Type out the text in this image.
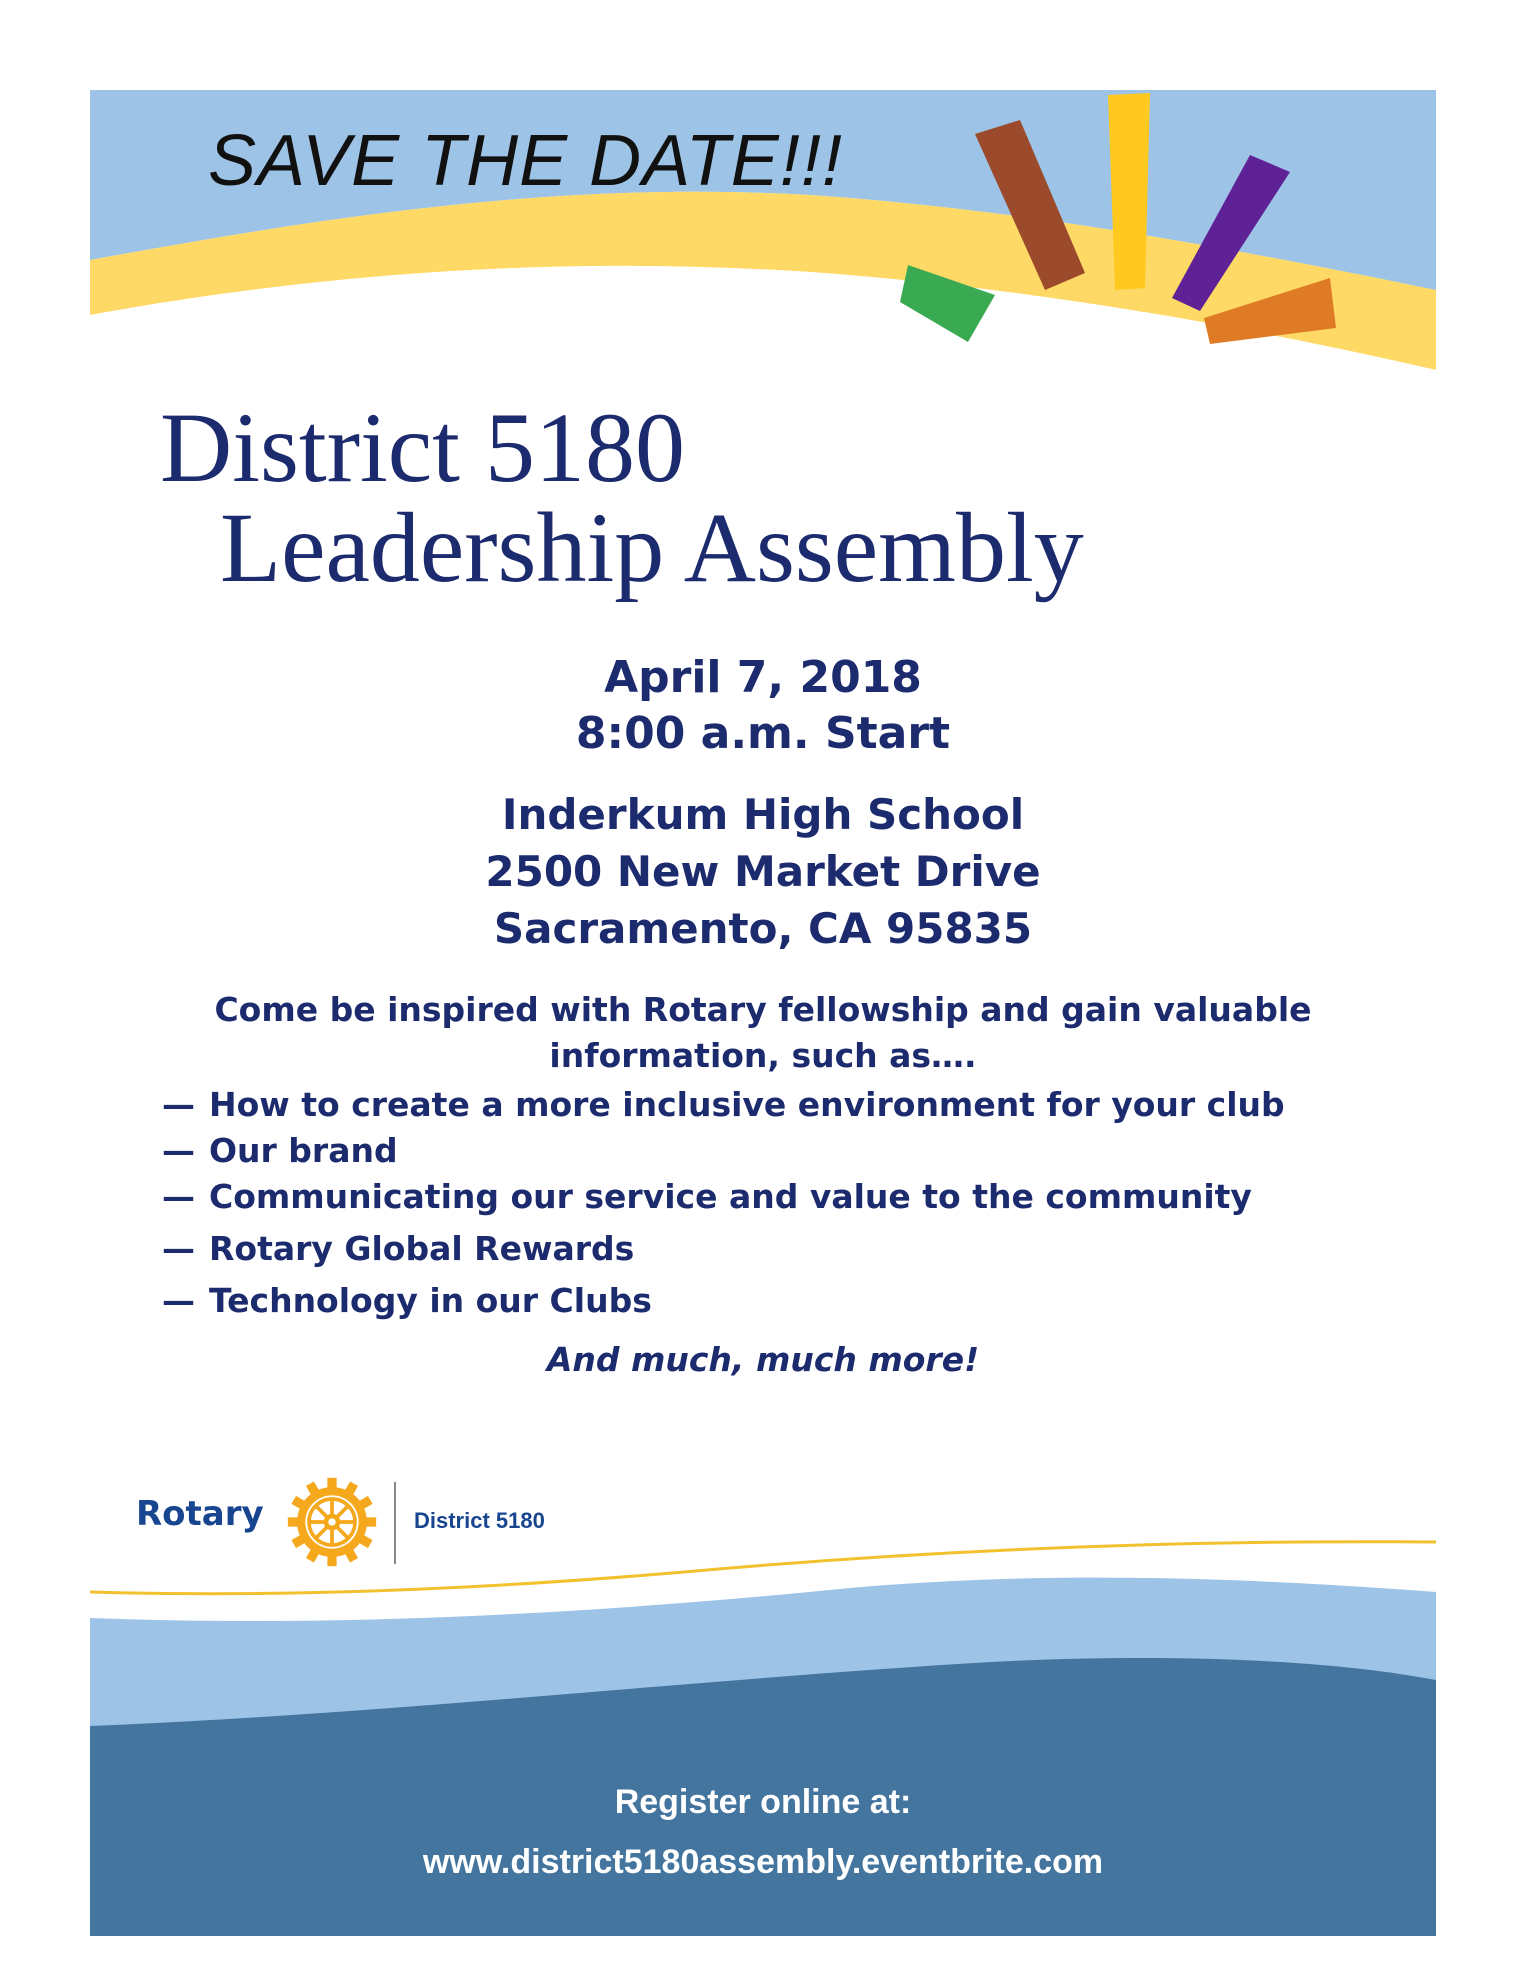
SAVE THE DATE!!!
District 5180
Leadership Assembly
April 7, 2018
8:00 a.m. Start
Inderkum High School
2500 New Market Drive
Sacramento, CA 95835
Come be inspired with Rotary fellowship and gain valuable
information, such as….
— How to create a more inclusive environment for your club
— Our brand
— Communicating our service and value to the community
— Rotary Global Rewards
— Technology in our Clubs
And much, much more!
Rotary	District 5180
Register online at:
www.district5180assembly.eventbrite.com
